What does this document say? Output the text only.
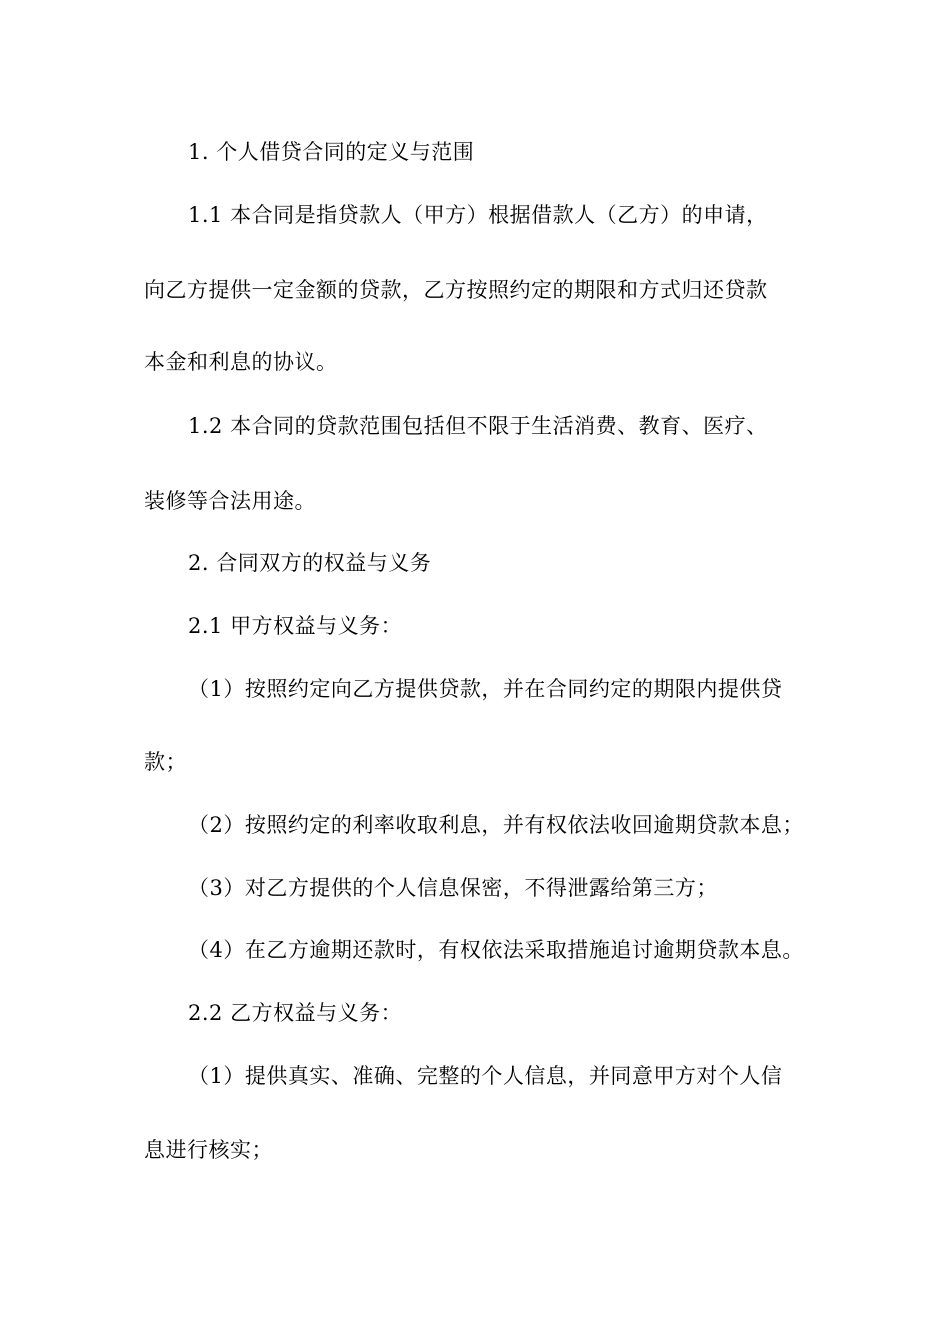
1. 个人借贷合同的定义与范围
1.1 本合同是指贷款人（甲方）根据借款人（乙方）的申请，
向乙方提供一定金额的贷款，乙方按照约定的期限和方式归还贷款
本金和利息的协议。
1.2 本合同的贷款范围包括但不限于生活消费、教育、医疗、
装修等合法用途。
2. 合同双方的权益与义务
2.1 甲方权益与义务：
（1）按照约定向乙方提供贷款，并在合同约定的期限内提供贷
款；
（2）按照约定的利率收取利息，并有权依法收回逾期贷款本息；
（3）对乙方提供的个人信息保密，不得泄露给第三方；
（4）在乙方逾期还款时，有权依法采取措施追讨逾期贷款本息。
2.2 乙方权益与义务：
（1）提供真实、准确、完整的个人信息，并同意甲方对个人信
息进行核实；
